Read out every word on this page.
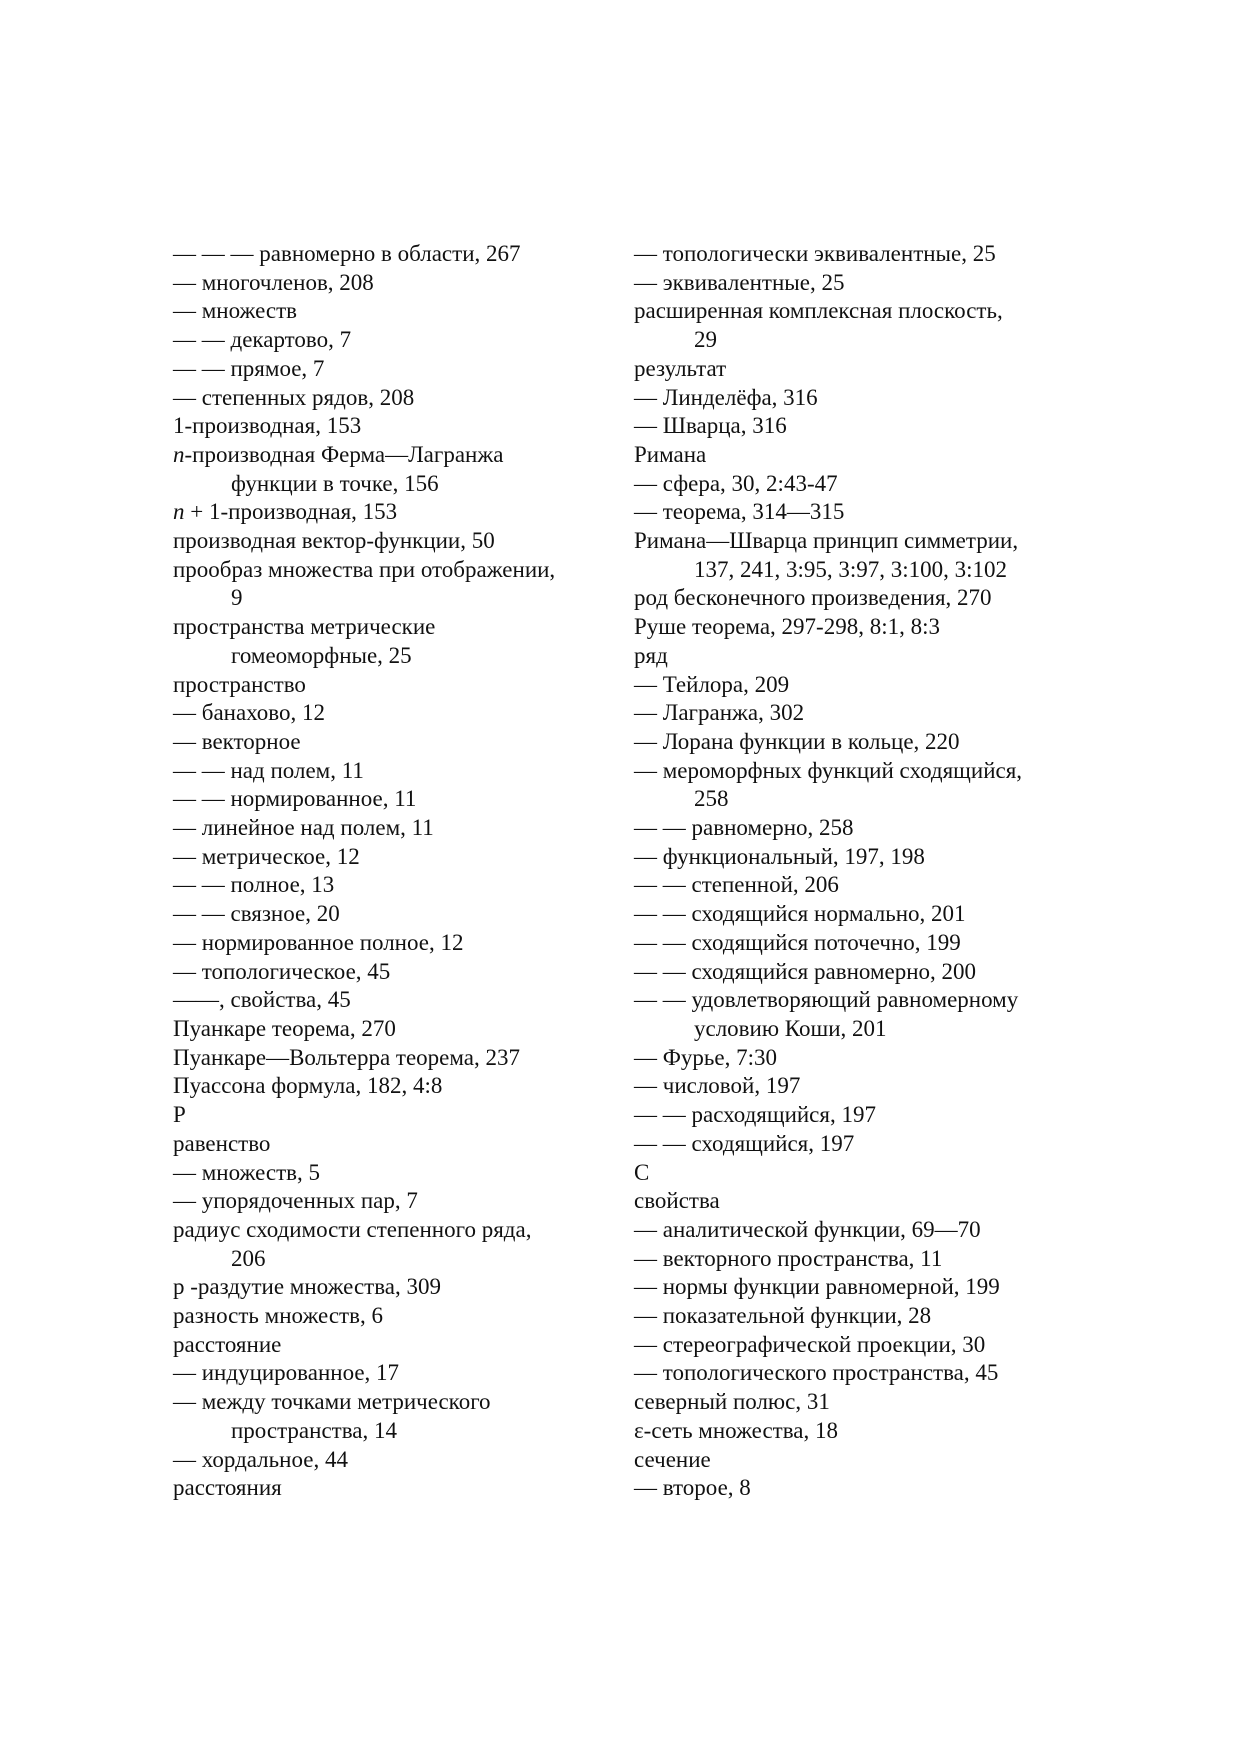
— — — равномерно в области, 267
— многочленов, 208
— множеств
— — декартово, 7
— — прямое, 7
— степенных рядов, 208
1-производная, 153
n-производная Ферма—Лагранжа
функции в точке, 156
n + 1-производная, 153
производная вектор-функции, 50
прообраз множества при отображении,
9
пространства метрические
гомеоморфные, 25
пространство
— банахово, 12
— векторное
— — над полем, 11
— — нормированное, 11
— линейное над полем, 11
— метрическое, 12
— — полное, 13
— — связное, 20
— нормированное полное, 12
— топологическое, 45
——, свойства, 45
Пуанкаре теорема, 270
Пуанкаре—Вольтерра теорема, 237
Пуассона формула, 182, 4:8
Р
равенство
— множеств, 5
— упорядоченных пар, 7
радиус сходимости степенного ряда,
206
р -раздутие множества, 309
разность множеств, 6
расстояние
— индуцированное, 17
— между точками метрического
пространства, 14
— хордальное, 44
расстояния
— топологически эквивалентные, 25
— эквивалентные, 25
расширенная комплексная плоскость,
29
результат
— Линделёфа, 316
— Шварца, 316
Римана
— сфера, 30, 2:43-47
— теорема, 314—315
Римана—Шварца принцип симметрии,
137, 241, 3:95, 3:97, 3:100, 3:102
род бесконечного произведения, 270
Руше теорема, 297-298, 8:1, 8:3
ряд
— Тейлора, 209
— Лагранжа, 302
— Лорана функции в кольце, 220
— мероморфных функций сходящийся,
258
— — равномерно, 258
— функциональный, 197, 198
— — степенной, 206
— — сходящийся нормально, 201
— — сходящийся поточечно, 199
— — сходящийся равномерно, 200
— — удовлетворяющий равномерному
условию Коши, 201
— Фурье, 7:30
— числовой, 197
— — расходящийся, 197
— — сходящийся, 197
С
свойства
— аналитической функции, 69—70
— векторного пространства, 11
— нормы функции равномерной, 199
— показательной функции, 28
— стереографической проекции, 30
— топологического пространства, 45
северный полюс, 31
ε-сеть множества, 18
сечение
— второе, 8
